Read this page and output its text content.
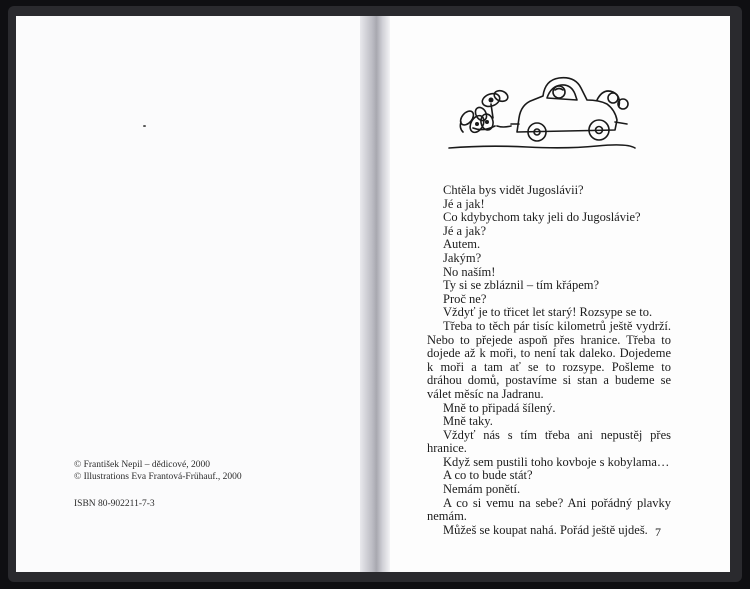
© František Nepil – dědicové, 2000
© Illustrations Eva Frantová-Frühauf., 2000
ISBN 80-902211-7-3

Chtěla bys vidět Jugoslávii?

Jé a jak!

Co kdybychom taky jeli do Jugoslávie?

Jé a jak?

Autem.

Jakým?

No naším!

Ty si se zbláznil – tím křápem?

Proč ne?

Vždyť je to třicet let starý! Rozsype se to.

Třeba to těch pár tisíc kilometrů ještě vydrží. Nebo to přejede aspoň přes hranice. Třeba to dojede až k moři, to není tak daleko. Dojedeme k moři a tam ať se to rozsype. Pošleme to dráhou domů, postavíme si stan a budeme se válet měsíc na Jadranu.

Mně to připadá šílený.

Mně taky.

Vždyť nás s tím třeba ani nepustěj přes hranice.

Když sem pustili toho kovboje s kobylama…

A co to bude stát?

Nemám ponětí.

A co si vemu na sebe? Ani pořádný plavky nemám.

Můžeš se koupat nahá. Pořád ještě ujdeš. 7
